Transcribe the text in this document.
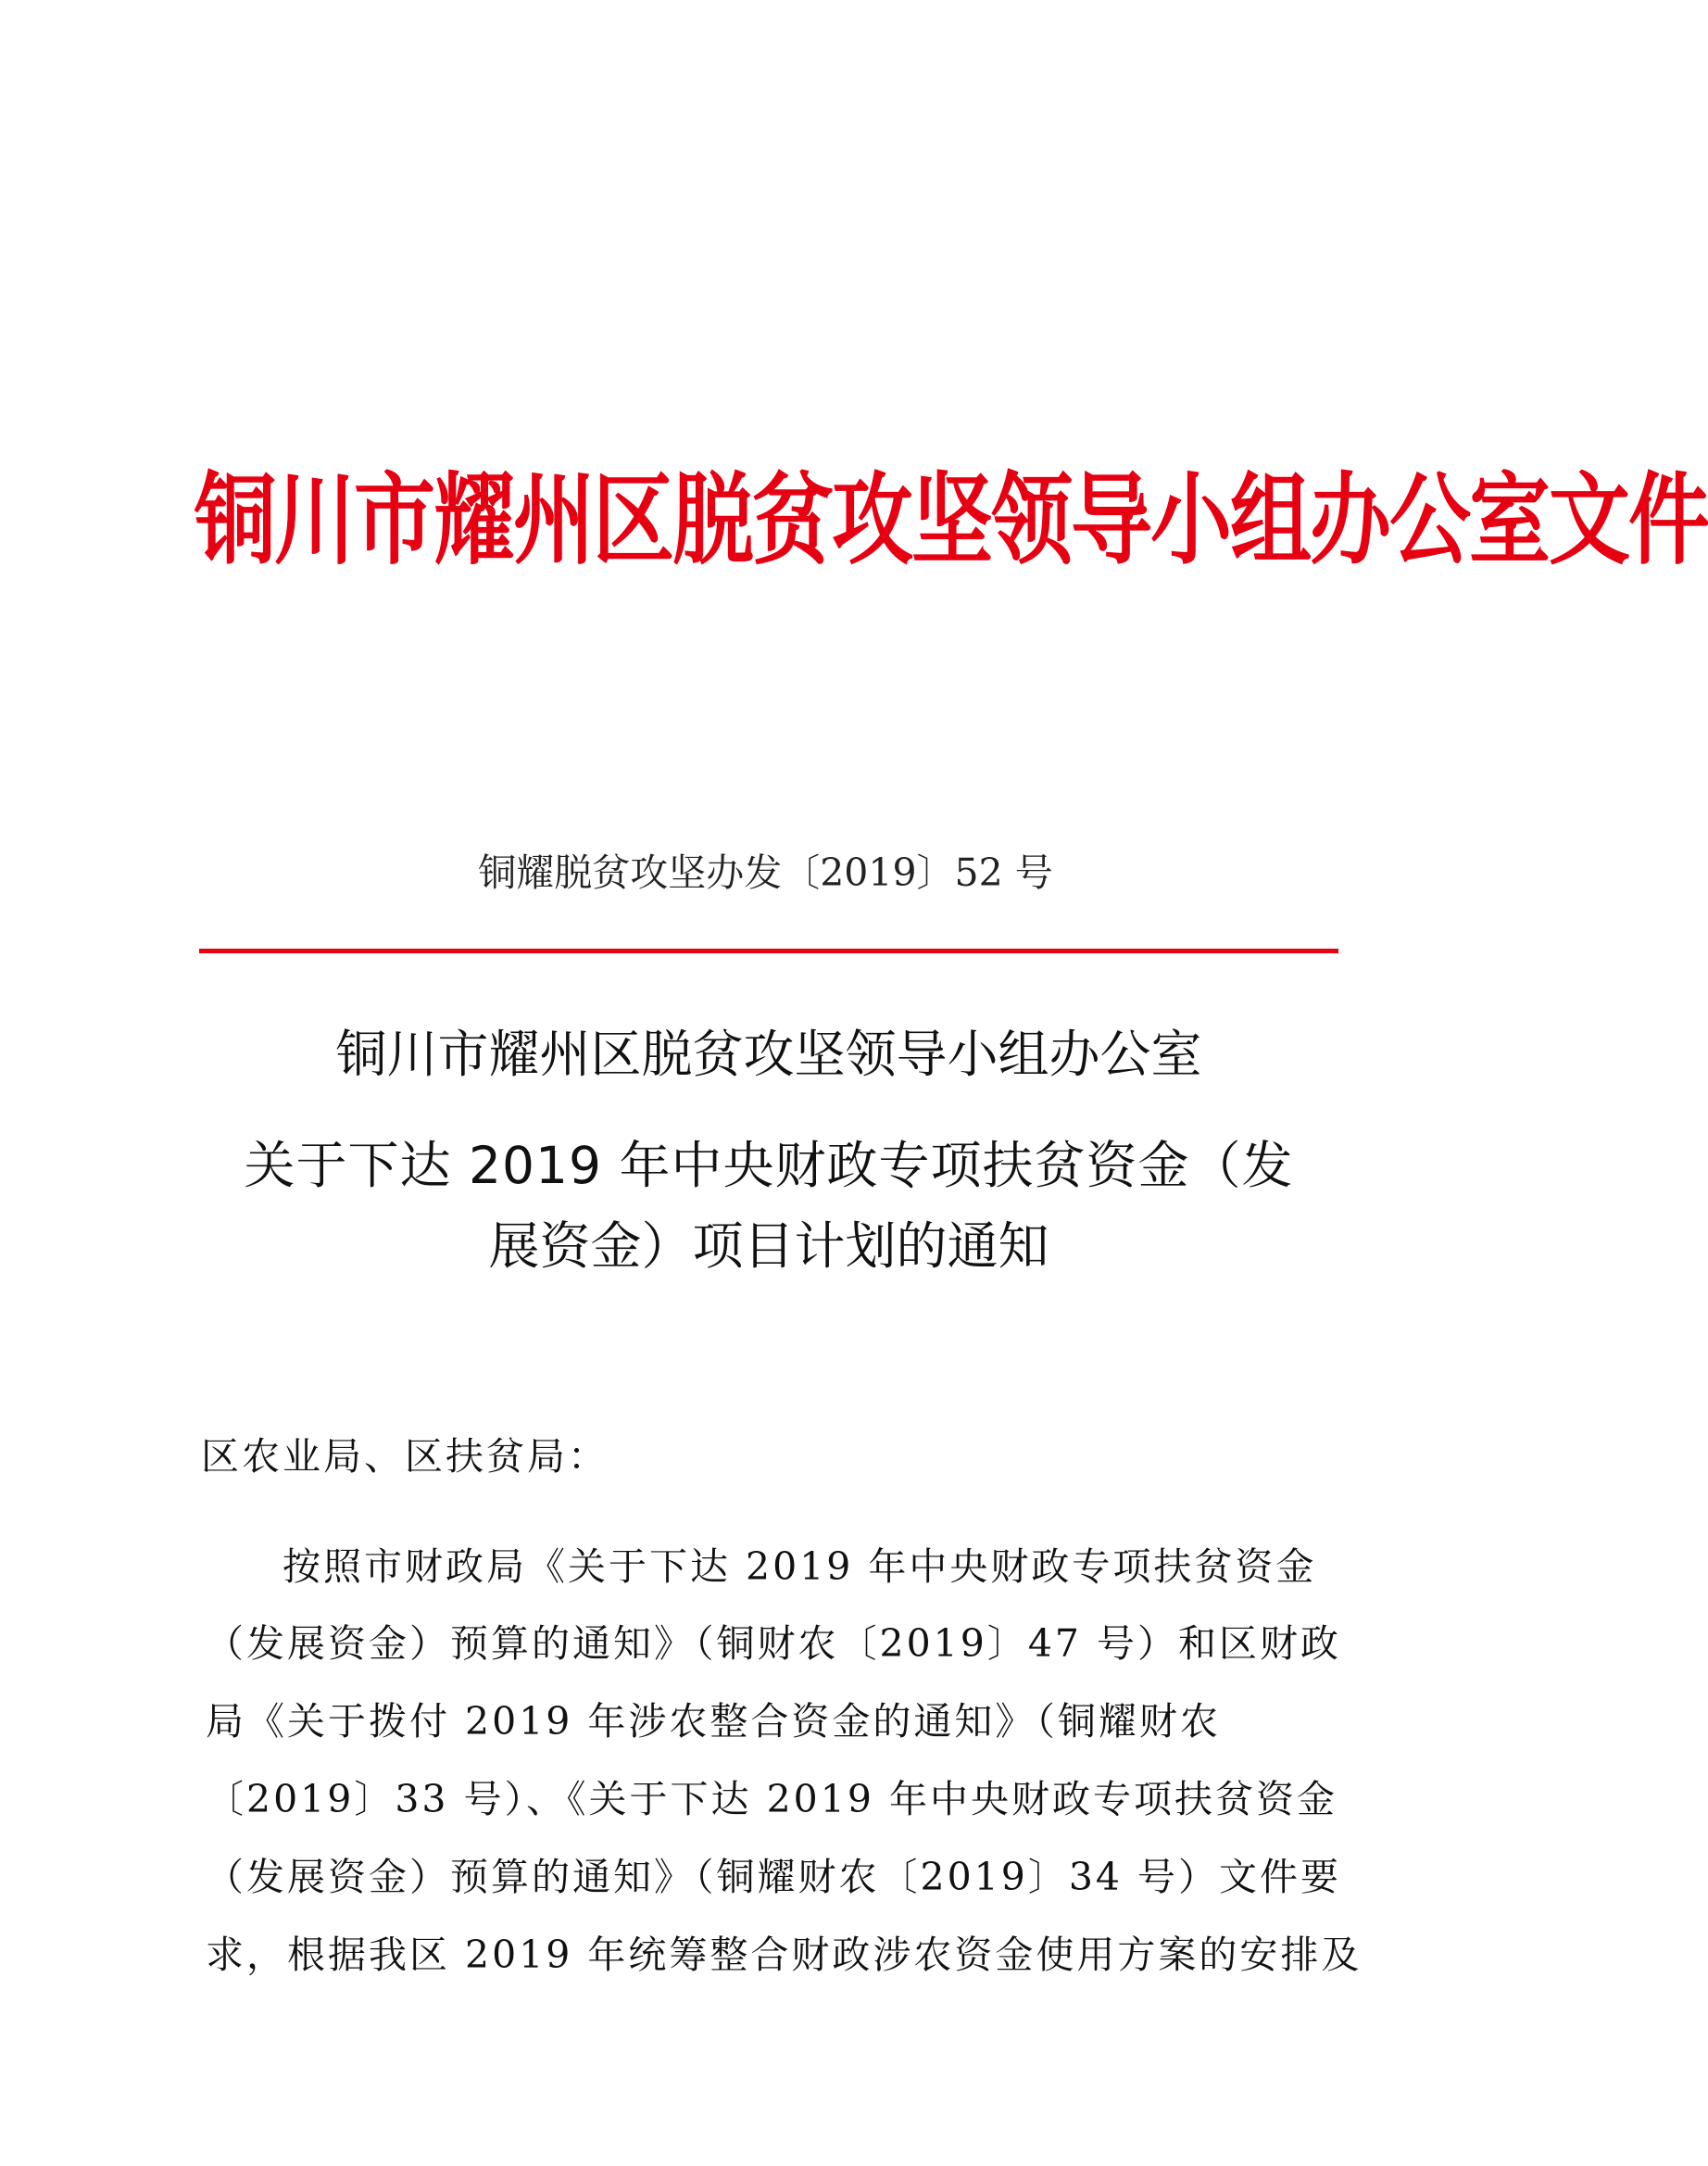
铜川市耀州区脱贫攻坚领导小组办公室文件
铜耀脱贫攻坚办发〔2019〕52 号
铜川市耀州区脱贫攻坚领导小组办公室
关于下达 2019 年中央财政专项扶贫资金（发
展资金）项目计划的通知
区农业局、区扶贫局：
按照市财政局《关于下达 2019 年中央财政专项扶贫资金
（发展资金）预算的通知》（铜财农〔2019〕47 号）和区财政
局《关于拨付 2019 年涉农整合资金的通知》（铜耀财农
〔2019〕33 号）、《关于下达 2019 年中央财政专项扶贫资金
（发展资金）预算的通知》（铜耀财农〔2019〕34 号）文件要
求，根据我区 2019 年统筹整合财政涉农资金使用方案的安排及
